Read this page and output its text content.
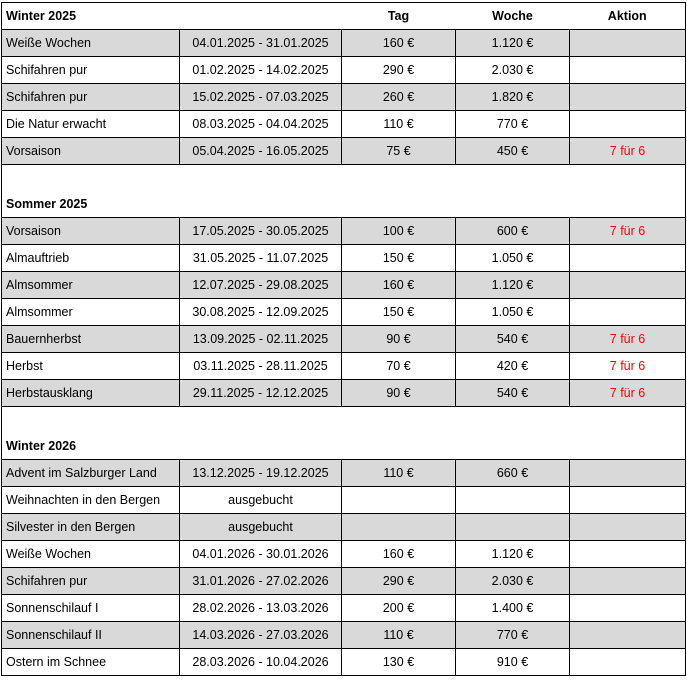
Winter 2025		Tag	Woche	Aktion
Weiße Wochen	04.01.2025 - 31.01.2025	160 €	1.120 €	
Schifahren pur	01.02.2025 - 14.02.2025	290 €	2.030 €	
Schifahren pur	15.02.2025 - 07.03.2025	260 €	1.820 €	
Die Natur erwacht	08.03.2025 - 04.04.2025	110 €	770 €	
Vorsaison	05.04.2025 - 16.05.2025	75 €	450 €	7 für 6

Sommer 2025				
Vorsaison	17.05.2025 - 30.05.2025	100 €	600 €	7 für 6
Almauftrieb	31.05.2025 - 11.07.2025	150 €	1.050 €	
Almsommer	12.07.2025 - 29.08.2025	160 €	1.120 €	
Almsommer	30.08.2025 - 12.09.2025	150 €	1.050 €	
Bauernherbst	13.09.2025 - 02.11.2025	90 €	540 €	7 für 6
Herbst	03.11.2025 - 28.11.2025	70 €	420 €	7 für 6
Herbstausklang	29.11.2025 - 12.12.2025	90 €	540 €	7 für 6

Winter 2026				
Advent im Salzburger Land	13.12.2025 - 19.12.2025	110 €	660 €	
Weihnachten in den Bergen	ausgebucht			
Silvester in den Bergen	ausgebucht			
Weiße Wochen	04.01.2026 - 30.01.2026	160 €	1.120 €	
Schifahren pur	31.01.2026 - 27.02.2026	290 €	2.030 €	
Sonnenschilauf I	28.02.2026 - 13.03.2026	200 €	1.400 €	
Sonnenschilauf II	14.03.2026 - 27.03.2026	110 €	770 €	
Ostern im Schnee	28.03.2026 - 10.04.2026	130 €	910 €	
